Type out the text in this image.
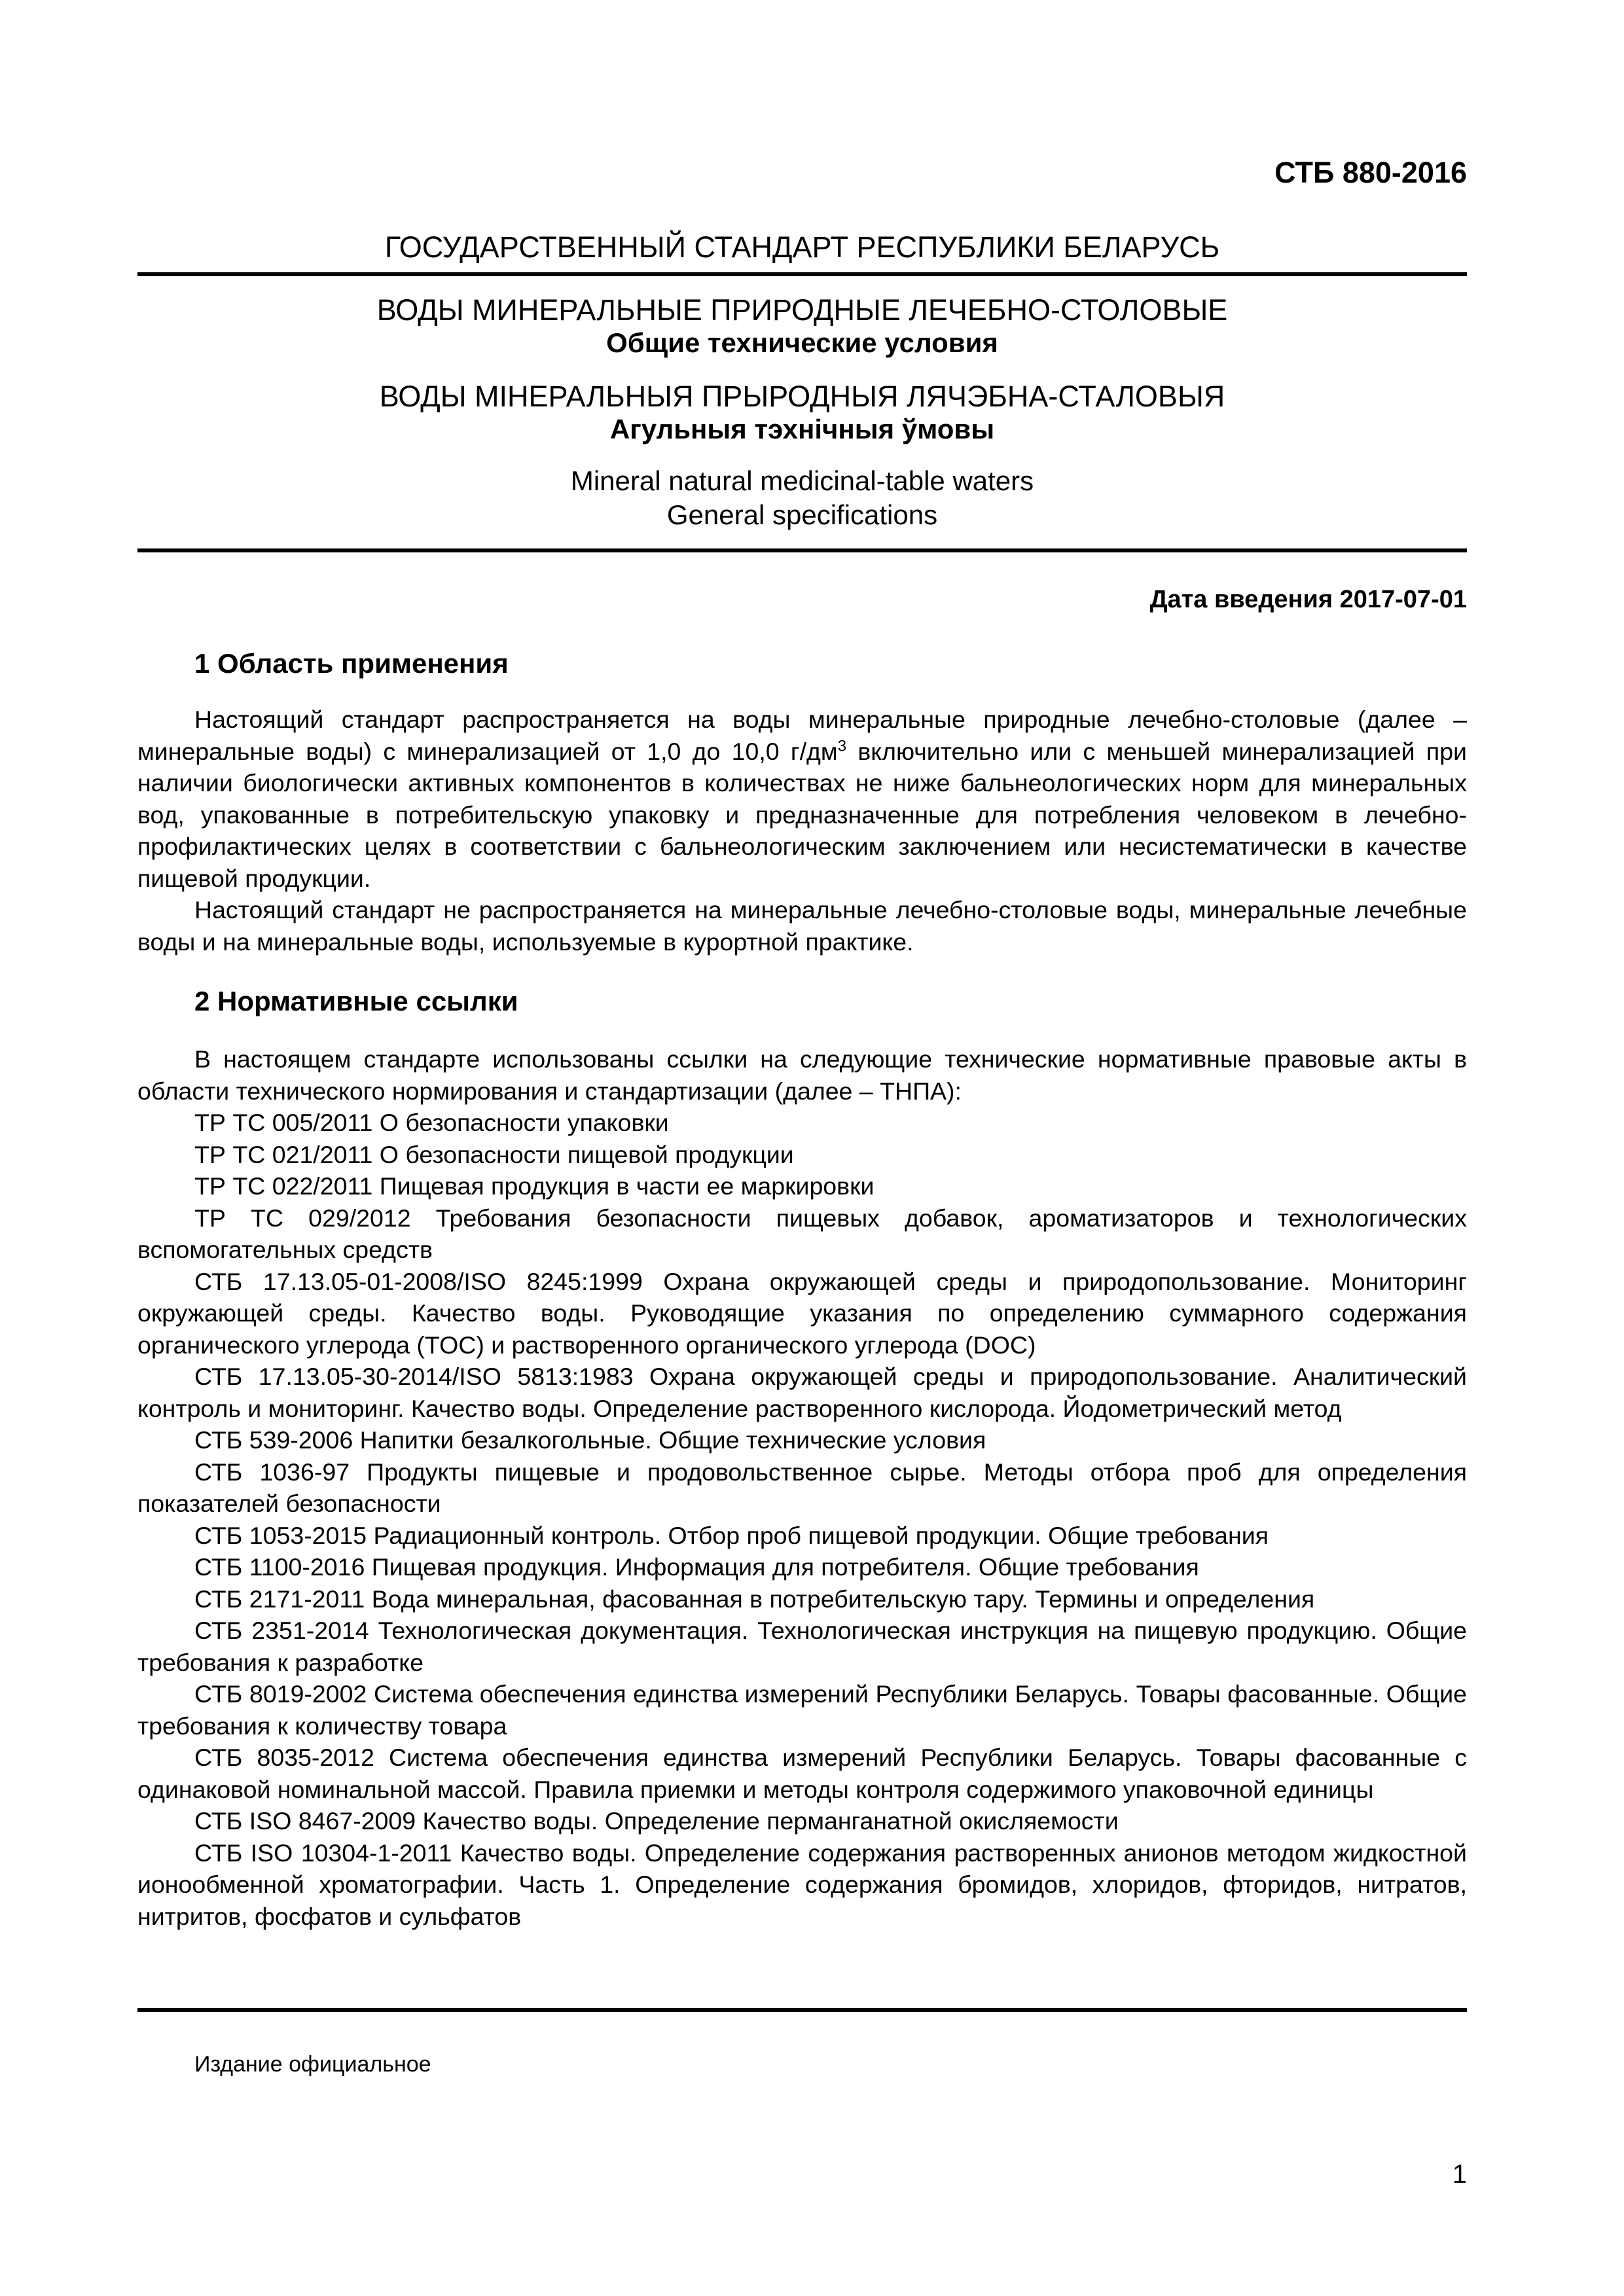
СТБ 880-2016
ГОСУДАРСТВЕННЫЙ СТАНДАРТ РЕСПУБЛИКИ БЕЛАРУСЬ
ВОДЫ МИНЕРАЛЬНЫЕ ПРИРОДНЫЕ ЛЕЧЕБНО-СТОЛОВЫЕ
Общие технические условия
ВОДЫ МІНЕРАЛЬНЫЯ ПРЫРОДНЫЯ ЛЯЧЭБНА-СТАЛОВЫЯ
Агульныя тэхнічныя ўмовы
Mineral natural medicinal-table waters
General specifications
Дата введения 2017-07-01
1 Область применения

Настоящий стандарт распространяется на воды минеральные природные лечебно-столовые (далее – минеральные воды) с минерализацией от 1,0 до 10,0 $г/дм^3$ включительно или с меньшей минерализацией при наличии биологически активных компонентов в количествах не ниже бальнеологических норм для минеральных вод, упакованные в потребительскую упаковку и предназначенные для потребления человеком в лечебно-профилактических целях в соответствии с бальнеологическим заключением или несистематически в качестве пищевой продукции.

Настоящий стандарт не распространяется на минеральные лечебно-столовые воды, минеральные лечебные воды и на минеральные воды, используемые в курортной практике.

2 Нормативные ссылки

В настоящем стандарте использованы ссылки на следующие технические нормативные правовые акты в области технического нормирования и стандартизации (далее – ТНПА):

ТР ТС 005/2011 О безопасности упаковки

ТР ТС 021/2011 О безопасности пищевой продукции

ТР ТС 022/2011 Пищевая продукция в части ее маркировки

ТР ТС 029/2012 Требования безопасности пищевых добавок, ароматизаторов и технологических вспомогательных средств

СТБ 17.13.05-01-2008/ISO 8245:1999 Охрана окружающей среды и природопользование. Мониторинг окружающей среды. Качество воды. Руководящие указания по определению суммарного содержания органического углерода (TOC) и растворенного органического углерода (DOC)

СТБ 17.13.05-30-2014/ISO 5813:1983 Охрана окружающей среды и природопользование. Аналитический контроль и мониторинг. Качество воды. Определение растворенного кислорода. Йодометрический метод

СТБ 539-2006 Напитки безалкогольные. Общие технические условия

СТБ 1036-97 Продукты пищевые и продовольственное сырье. Методы отбора проб для определения показателей безопасности

СТБ 1053-2015 Радиационный контроль. Отбор проб пищевой продукции. Общие требования

СТБ 1100-2016 Пищевая продукция. Информация для потребителя. Общие требования

СТБ 2171-2011 Вода минеральная, фасованная в потребительскую тару. Термины и определения

СТБ 2351-2014 Технологическая документация. Технологическая инструкция на пищевую продукцию. Общие требования к разработке

СТБ 8019-2002 Система обеспечения единства измерений Республики Беларусь. Товары фасованные. Общие требования к количеству товара

СТБ 8035-2012 Система обеспечения единства измерений Республики Беларусь. Товары фасованные с одинаковой номинальной массой. Правила приемки и методы контроля содержимого упаковочной единицы

СТБ ISO 8467-2009 Качество воды. Определение перманганатной окисляемости

СТБ ISO 10304-1-2011 Качество воды. Определение содержания растворенных анионов методом жидкостной ионообменной хроматографии. Часть 1. Определение содержания бромидов, хлоридов, фторидов, нитратов, нитритов, фосфатов и сульфатов

Издание официальное
1
